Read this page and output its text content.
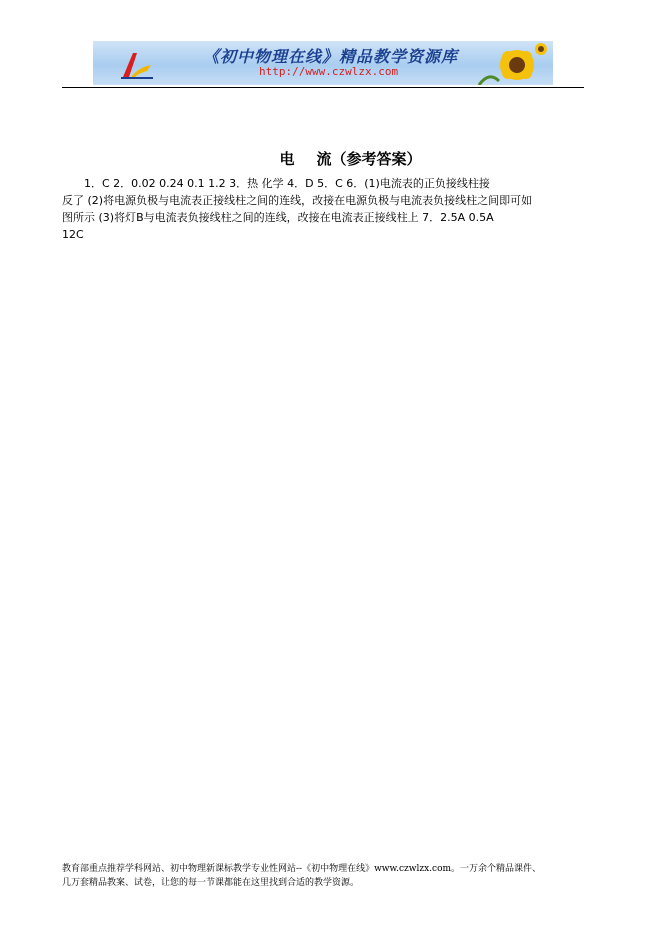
《初中物理在线》精品教学资源库
http://www.czwlzx.com
电 流（参考答案）
1．C 2．0.02 0.24 0.1 1.2 3．热 化学 4．D 5．C 6．(1)电流表的正负接线柱接
反了 (2)将电源负极与电流表正接线柱之间的连线，改接在电源负极与电流表负接线柱之间即可如
图所示 (3)将灯B与电流表负接线柱之间的连线，改接在电流表正接线柱上 7．2.5A 0.5A
12C
教育部重点推荐学科网站、初中物理新课标教学专业性网站--《初中物理在线》www.czwlzx.com。一万余个精品课件、
几万套精品教案、试卷，让您的每一节课都能在这里找到合适的教学资源。
